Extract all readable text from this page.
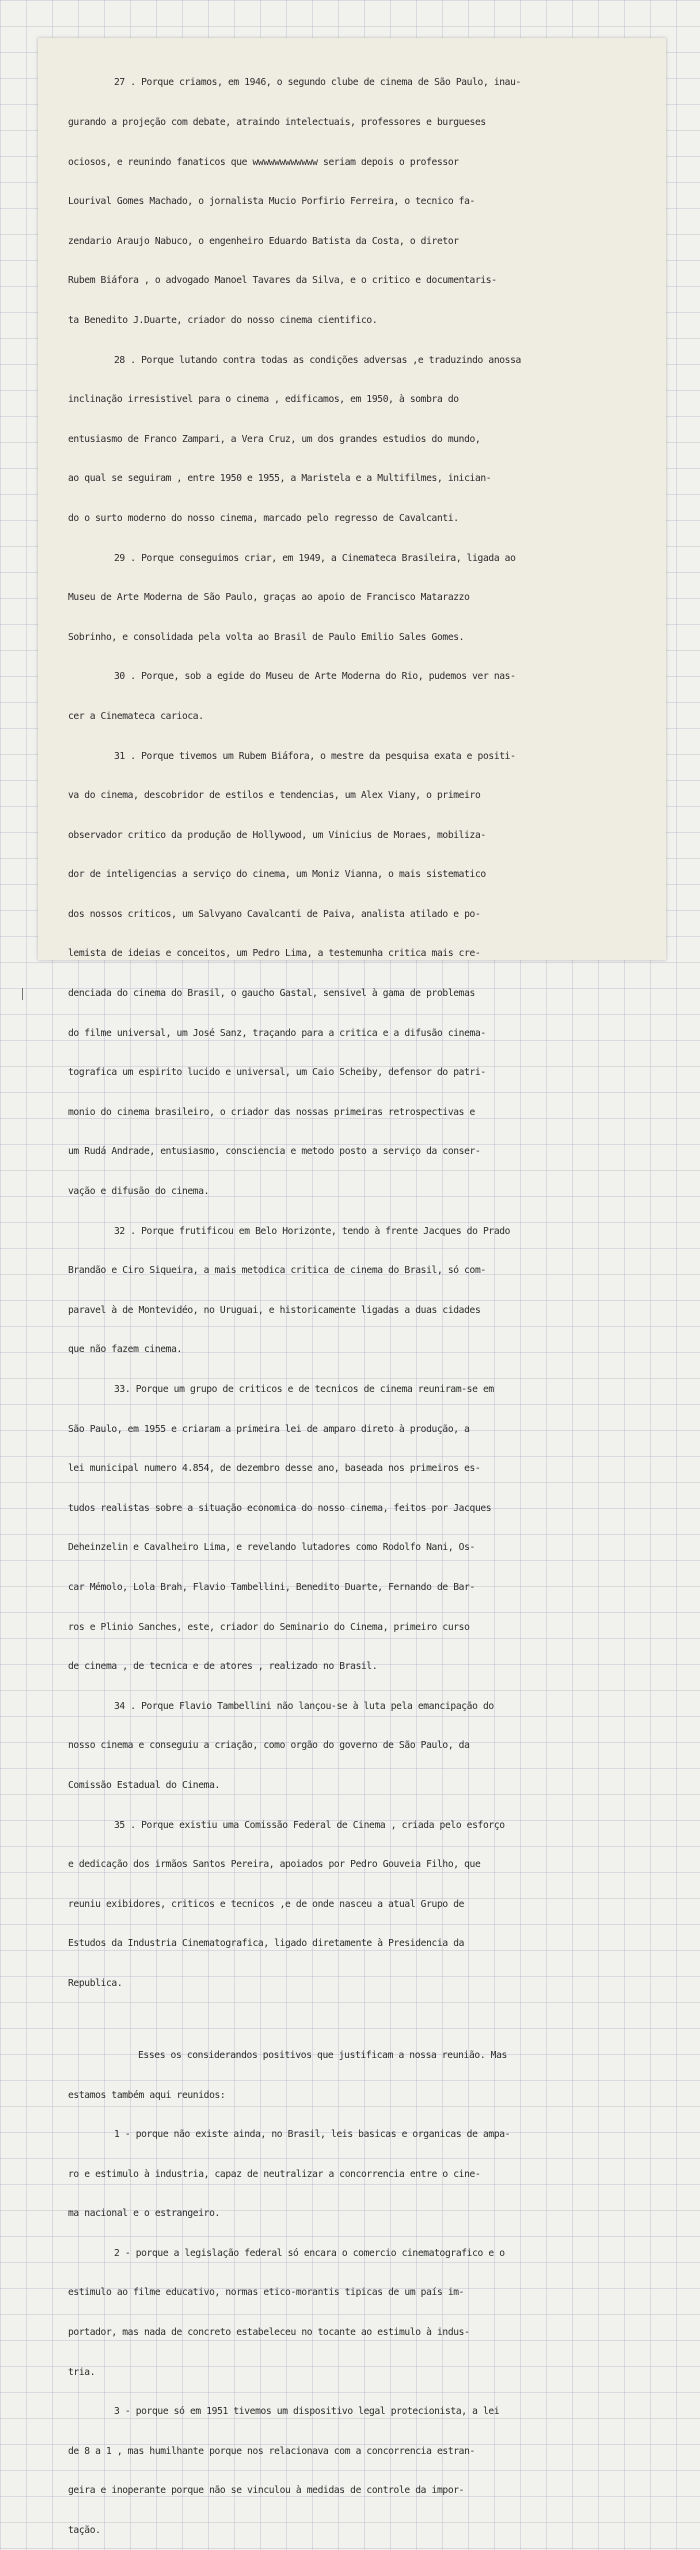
27 . Porque criamos, em 1946, o segundo clube de cinema de São Paulo, inau-

gurando a projeção com debate, atraindo intelectuais, professores e burgueses

ociosos, e reunindo fanaticos que wwwwwwwwwwww seriam depois o professor

Lourival Gomes Machado, o jornalista Mucio Porfirio Ferreira, o tecnico fa-

zendario Araujo Nabuco, o engenheiro Eduardo Batista da Costa, o diretor

Rubem Biáfora , o advogado Manoel Tavares da Silva, e o critico e documentaris-

ta Benedito J.Duarte, criador do nosso cinema cientifico.

28 . Porque lutando contra todas as condições adversas ,e traduzindo anossa

inclinação irresistivel para o cinema , edificamos, em 1950, à sombra do

entusiasmo de Franco Zampari, a Vera Cruz, um dos grandes estudios do mundo,

ao qual se seguiram , entre 1950 e 1955, a Maristela e a Multifilmes, inician-

do o surto moderno do nosso cinema, marcado pelo regresso de Cavalcanti.

29 . Porque conseguimos criar, em 1949, a Cinemateca Brasileira, ligada ao

Museu de Arte Moderna de São Paulo, graças ao apoio de Francisco Matarazzo

Sobrinho, e consolidada pela volta ao Brasil de Paulo Emilio Sales Gomes.

30 . Porque, sob a egide do Museu de Arte Moderna do Rio, pudemos ver nas-

cer a Cinemateca carioca.

31 . Porque tivemos um Rubem Biáfora, o mestre da pesquisa exata e positi-

va do cinema, descobridor de estilos e tendencias, um Alex Viany, o primeiro

observador critico da produção de Hollywood, um Vinicius de Moraes, mobiliza-

dor de inteligencias a serviço do cinema, um Moniz Vianna, o mais sistematico

dos nossos criticos, um Salvyano Cavalcanti de Paiva, analista atilado e po-

lemista de ideias e conceitos, um Pedro Lima, a testemunha critica mais cre-

denciada do cinema do Brasil, o gaucho Gastal, sensivel à gama de problemas

do filme universal, um José Sanz, traçando para a critica e a difusão cinema-

tografica um espirito lucido e universal, um Caio Scheiby, defensor do patri-

monio do cinema brasileiro, o criador das nossas primeiras retrospectivas e

um Rudá Andrade, entusiasmo, consciencia e metodo posto a serviço da conser-

vação e difusão do cinema.

32 . Porque frutificou em Belo Horizonte, tendo à frente Jacques do Prado

Brandão e Ciro Siqueira, a mais metodica critica de cinema do Brasil, só com-

paravel à de Montevidéo, no Uruguai, e historicamente ligadas a duas cidades

que não fazem cinema.

33. Porque um grupo de criticos e de tecnicos de cinema reuniram-se em

São Paulo, em 1955 e criaram a primeira lei de amparo direto à produção, a

lei municipal numero 4.854, de dezembro desse ano, baseada nos primeiros es-

tudos realistas sobre a situação economica do nosso cinema, feitos por Jacques

Deheinzelin e Cavalheiro Lima, e revelando lutadores como Rodolfo Nani, Os-

car Mémolo, Lola Brah, Flavio Tambellini, Benedito Duarte, Fernando de Bar-

ros e Plinio Sanches, este, criador do Seminario do Cinema, primeiro curso

de cinema , de tecnica e de atores , realizado no Brasil.

34 . Porque Flavio Tambellini não lançou-se à luta pela emancipação do

nosso cinema e conseguiu a criação, como orgão do governo de São Paulo, da

Comissão Estadual do Cinema.

35 . Porque existiu uma Comissão Federal de Cinema , criada pelo esforço

e dedicação dos irmãos Santos Pereira, apoiados por Pedro Gouveia Filho, que

reuniu exibidores, criticos e tecnicos ,e de onde nasceu a atual Grupo de

Estudos da Industria Cinematografica, ligado diretamente à Presidencia da

Republica.

Esses os considerandos positivos que justificam a nossa reunião. Mas

estamos também aqui reunidos:

1 - porque não existe ainda, no Brasil, leis basicas e organicas de ampa-

ro e estimulo à industria, capaz de neutralizar a concorrencia entre o cine-

ma nacional e o estrangeiro.

2 - porque a legislação federal só encara o comercio cinematografico e o

estimulo ao filme educativo, normas etico-morantis tipicas de um país im-

portador, mas nada de concreto estabeleceu no tocante ao estimulo à indus-

tria.

3 - porque só em 1951 tivemos um dispositivo legal protecionista, a lei

de 8 a 1 , mas humilhante porque nos relacionava com a concorrencia estran-

geira e inoperante porque não se vinculou à medidas de controle da impor-

tação.
